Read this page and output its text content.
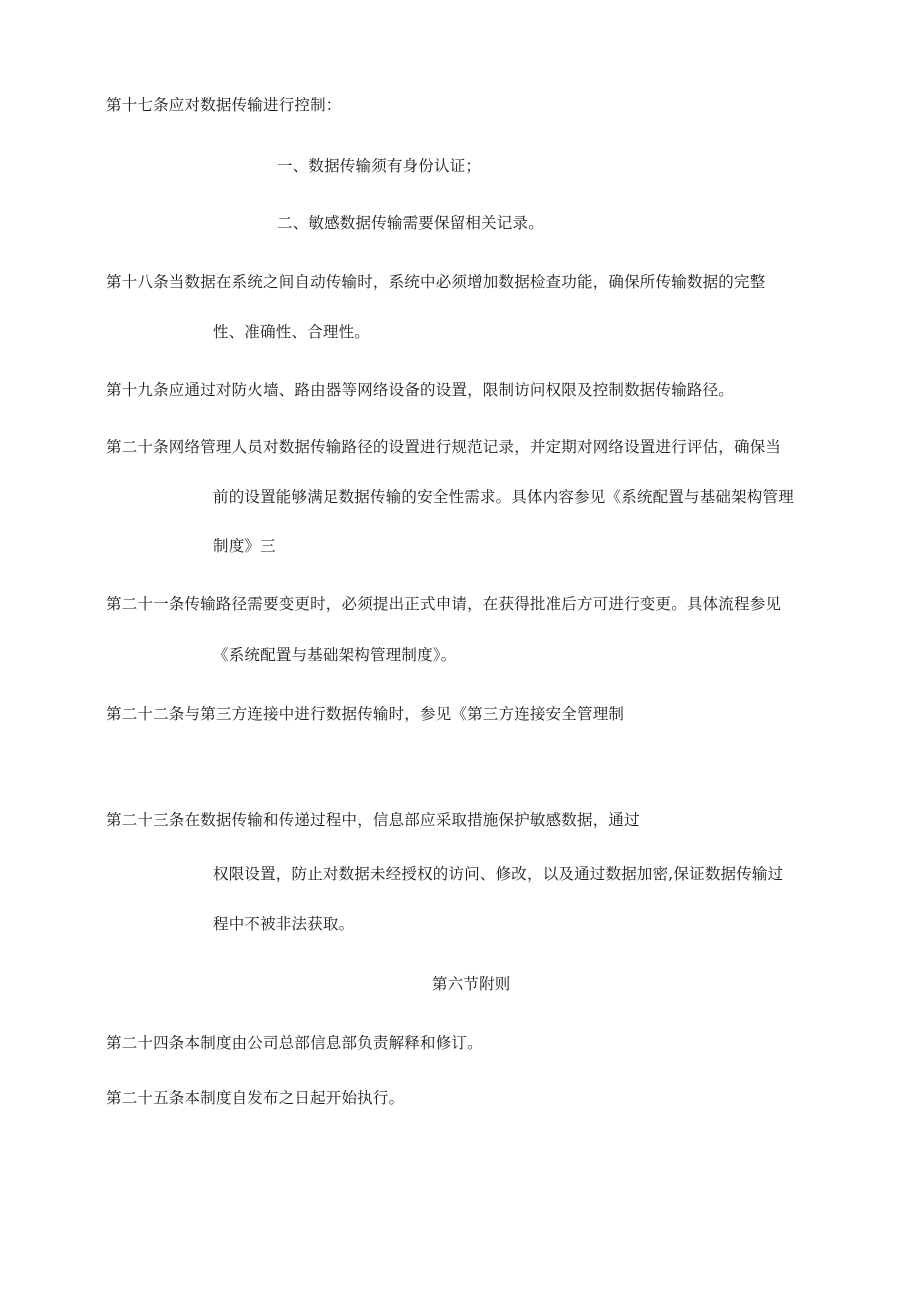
第十七条应对数据传输进行控制：
一、数据传输须有身份认证；
二、敏感数据传输需要保留相关记录。
第十八条当数据在系统之间自动传输时，系统中必须增加数据检查功能，确保所传输数据的完整
性、准确性、合理性。
第十九条应通过对防火墙、路由器等网络设备的设置，限制访问权限及控制数据传输路径。
第二十条网络管理人员对数据传输路径的设置进行规范记录，并定期对网络设置进行评估，确保当
前的设置能够满足数据传输的安全性需求。具体内容参见《系统配置与基础架构管理
制度》三
第二十一条传输路径需要变更时，必须提出正式申请，在获得批准后方可进行变更。具体流程参见
《系统配置与基础架构管理制度》。
第二十二条与第三方连接中进行数据传输时，参见《第三方连接安全管理制
第二十三条在数据传输和传递过程中，信息部应采取措施保护敏感数据，通过
权限设置，防止对数据未经授权的访问、修改，以及通过数据加密,保证数据传输过
程中不被非法获取。
第六节附则
第二十四条本制度由公司总部信息部负责解释和修订。
第二十五条本制度自发布之日起开始执行。
